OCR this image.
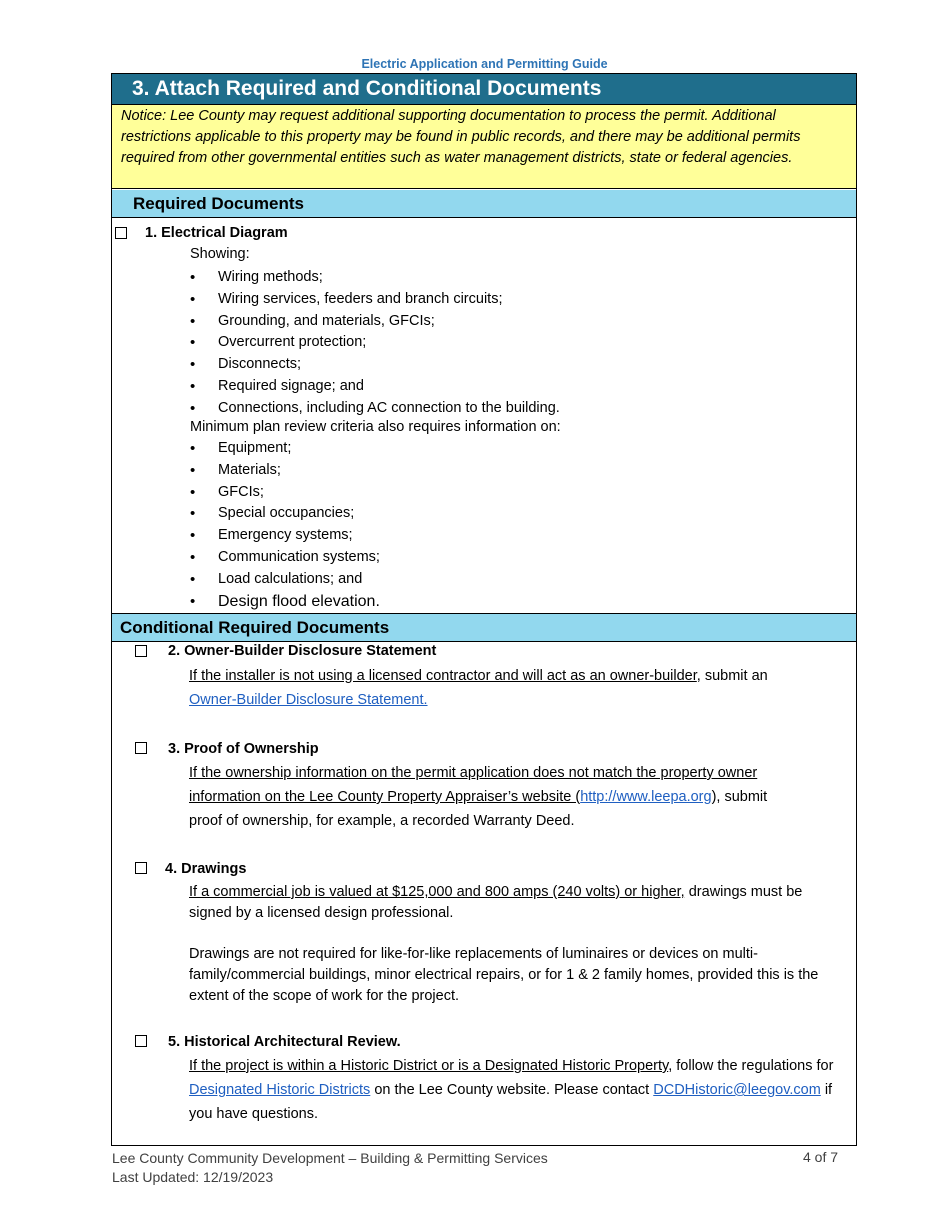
Electric Application and Permitting Guide
3. Attach Required and Conditional Documents
Notice: Lee County may request additional supporting documentation to process the permit. Additional restrictions applicable to this property may be found in public records, and there may be additional permits required from other governmental entities such as water management districts, state or federal agencies.
Required Documents
1. Electrical Diagram
Showing:
• Wiring methods;
• Wiring services, feeders and branch circuits;
• Grounding, and materials, GFCIs;
• Overcurrent protection;
• Disconnects;
• Required signage; and
• Connections, including AC connection to the building.
Minimum plan review criteria also requires information on:
• Equipment;
• Materials;
• GFCIs;
• Special occupancies;
• Emergency systems;
• Communication systems;
• Load calculations; and
• Design flood elevation.
Conditional Required Documents
2. Owner-Builder Disclosure Statement
If the installer is not using a licensed contractor and will act as an owner-builder, submit an
Owner-Builder Disclosure Statement.
3. Proof of Ownership
If the ownership information on the permit application does not match the property owner
information on the Lee County Property Appraiser’s website (http://www.leepa.org), submit
proof of ownership, for example, a recorded Warranty Deed.
4. Drawings
If a commercial job is valued at $125,000 and 800 amps (240 volts) or higher, drawings must be signed by a licensed design professional.
Drawings are not required for like-for-like replacements of luminaires or devices on multi-family/commercial buildings, minor electrical repairs, or for 1 & 2 family homes, provided this is the extent of the scope of work for the project.
5. Historical Architectural Review.
If the project is within a Historic District or is a Designated Historic Property, follow the regulations for Designated Historic Districts on the Lee County website. Please contact DCDHistoric@leegov.com if you have questions.
Lee County Community Development – Building & Permitting Services
Last Updated: 12/19/2023
4 of 7
